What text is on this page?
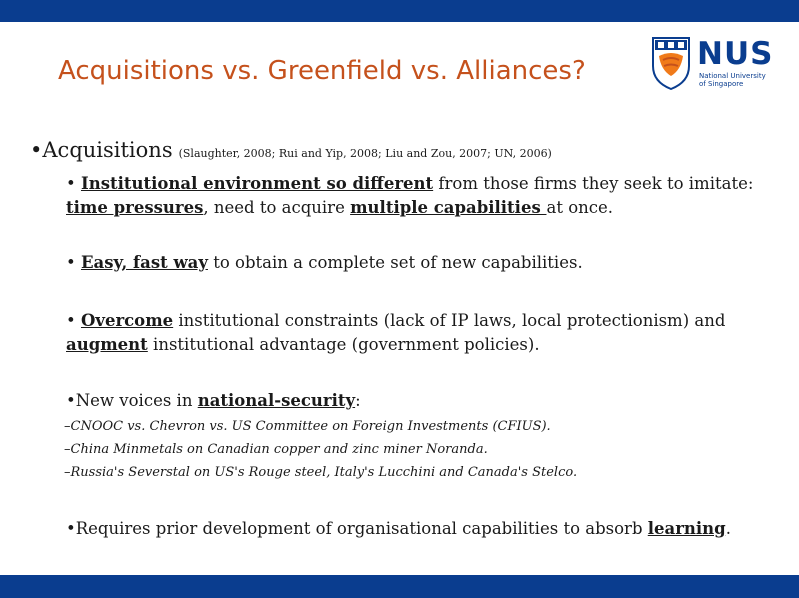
Acquisitions vs. Greenfield vs. Alliances?	NUS
National University
of Singapore
•Acquisitions (Slaughter, 2008; Rui and Yip, 2008; Liu and Zou, 2007; UN, 2006)
• Institutional environment so different from those firms they seek to imitate:
time pressures, need to acquire multiple capabilities at once.
• Easy, fast way to obtain a complete set of new capabilities.
• Overcome institutional constraints (lack of IP laws, local protectionism) and
augment institutional advantage (government policies).
•New voices in national-security:
–CNOOC vs. Chevron vs. US Committee on Foreign Investments (CFIUS).
–China Minmetals on Canadian copper and zinc miner Noranda.
–Russia's Severstal on US's Rouge steel, Italy's Lucchini and Canada's Stelco.
•Requires prior development of organisational capabilities to absorb learning.
